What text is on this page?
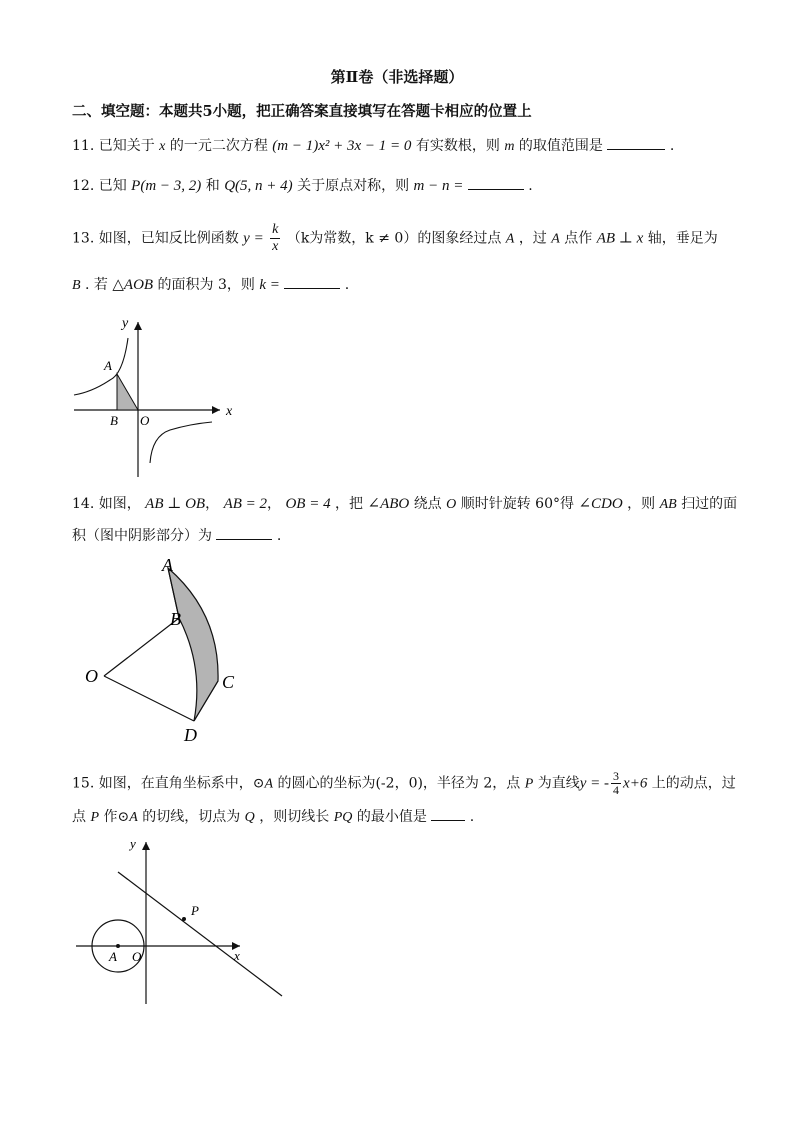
第Ⅱ卷（非选择题）
二、填空题：本题共5小题，把正确答案直接填写在答题卡相应的位置上
11. 已知关于 x 的一元二次方程 (m − 1)x² + 3x − 1 = 0 有实数根，则 m 的取值范围是	.
12. 已知 P(m − 3, 2) 和 Q(5, n + 4) 关于原点对称，则 m − n =	.
13. 如图，已知反比例函数 $y = \frac{k}{x} (k$为常数，k ≠ 0）的图象经过点 A ，过 A 点作 AB ⊥ x 轴，垂足为
B . 若 △AOB 的面积为 3，则 k =	.
y
x
A
B O
14. 如图， AB ⊥ OB， AB = 2， OB = 4 ，把 ∠ABO 绕点 O 顺时针旋转 60°得 ∠CDO ，则 AB 扫过的面
积（图中阴影部分）为	.
A
B
O	C
D
15. 如图，在直角坐标系中，⊙A 的圆心的坐标为(-2，0)，半径为 2，点 P 为直线y = - $\frac{3}{4} x+6$ 上的动点，过
点 P 作⊙A 的切线，切点为 Q ，则切线长 PQ 的最小值是	.
y
x
A O
P
